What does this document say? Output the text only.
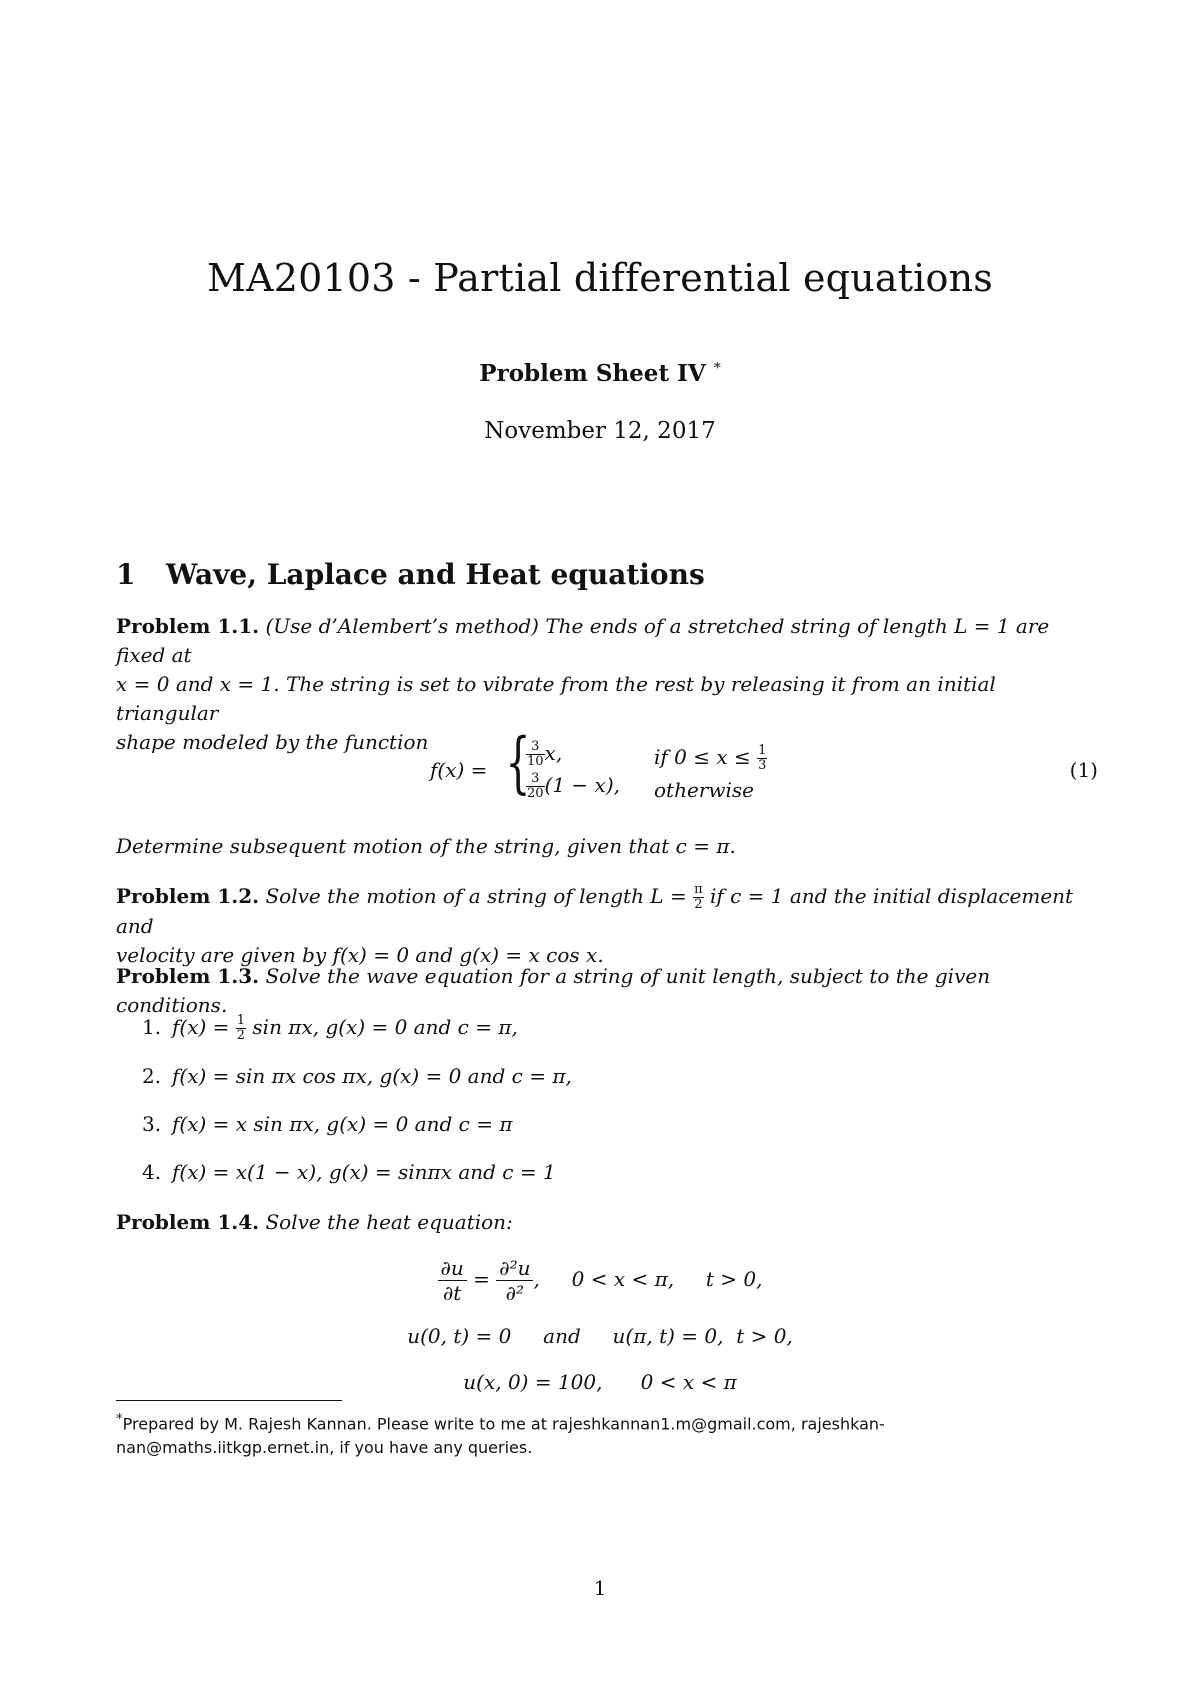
MA20103 - Partial differential equations
Problem Sheet IV *
November 12, 2017
1 Wave, Laplace and Heat equations
Problem 1.1. (Use d’Alembert’s method) The ends of a stretched string of length L = 1 are fixed at
x = 0 and x = 1. The string is set to vibrate from the rest by releasing it from an initial triangular
shape modeled by the function
f(x) = {
$\frac{3}{10} x$,	if $0 \le x \le \frac{1}{3}$
$\frac{3}{20} (1 - x)$, otherwise
(1)
Determine subsequent motion of the string, given that c = π.
Problem 1.2. Solve the motion of a string of length $L = \frac{\pi}{2}$ if c = 1 and the initial displacement and
velocity are given by f(x) = 0 and g(x) = x cos x.
Problem 1.3. Solve the wave equation for a string of unit length, subject to the given conditions.
1. $f(x) = \frac{1}{2}$ sin πx, g(x) = 0 and c = π,
2. f(x) = sin πx cos πx, g(x) = 0 and c = π,
3. f(x) = x sin πx, g(x) = 0 and c = π
4. f(x) = x(1 − x), g(x) = sinπx and c = 1
Problem 1.4. Solve the heat equation:
$\frac{\partial u}{\partial t} = \partial^2u$
∂²
,     0 < x < π,     t > 0,
u(0, t) = 0     and     u(π, t) = 0,  t > 0,
u(x, 0) = 100,      0 < x < π
*Prepared by M. Rajesh Kannan. Please write to me at rajeshkannan1.m@gmail.com, rajeshkan-
nan@maths.iitkgp.ernet.in, if you have any queries.
1
